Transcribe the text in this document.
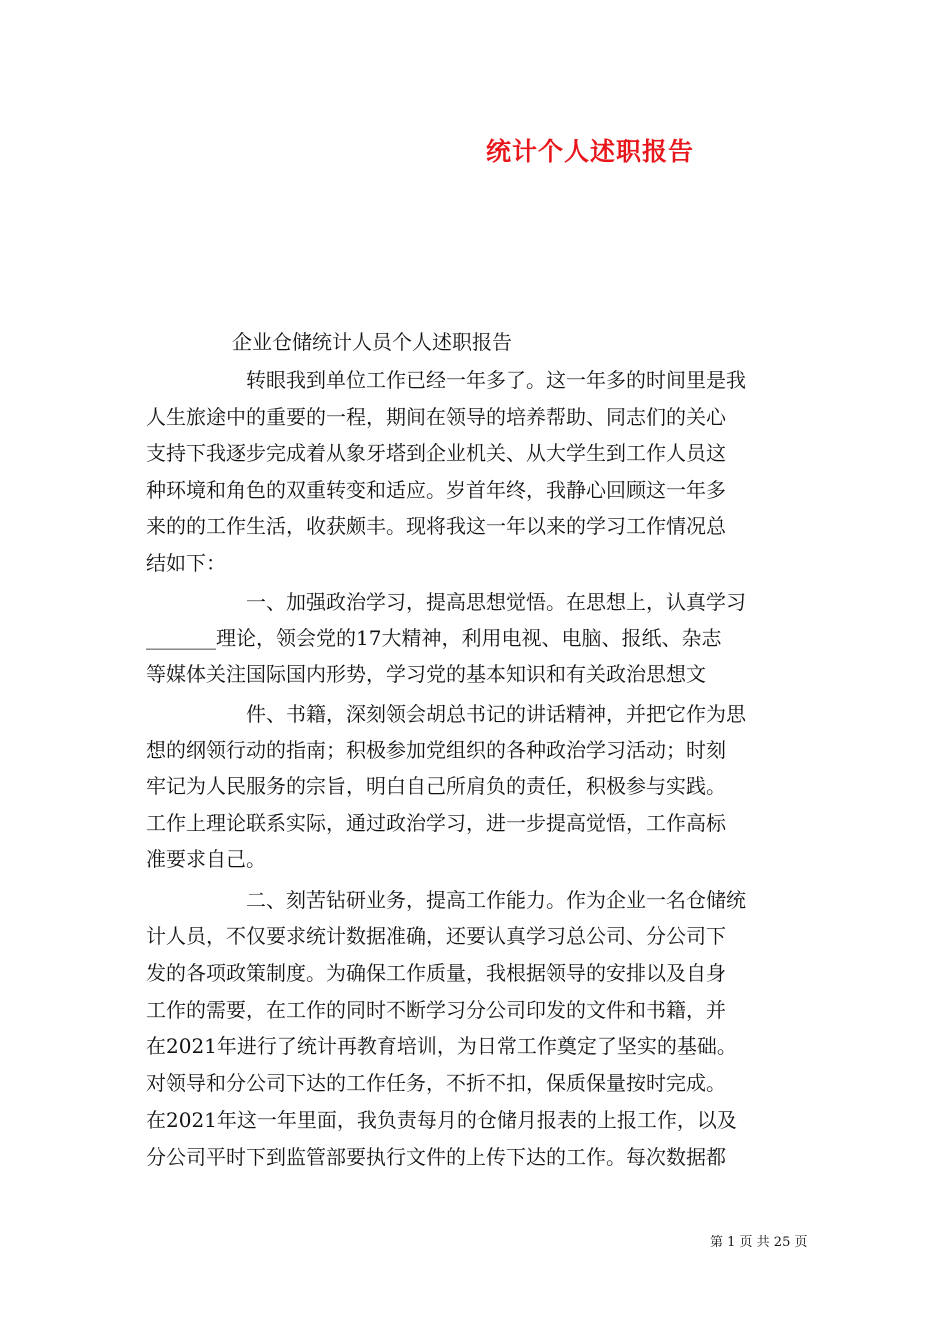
统计个人述职报告
企业仓储统计人员个人述职报告
转眼我到单位工作已经一年多了。这一年多的时间里是我
人生旅途中的重要的一程，期间在领导的培养帮助、同志们的关心
支持下我逐步完成着从象牙塔到企业机关、从大学生到工作人员这
种环境和角色的双重转变和适应。岁首年终，我静心回顾这一年多
来的的工作生活，收获颇丰。现将我这一年以来的学习工作情况总
结如下：
一、加强政治学习，提高思想觉悟。在思想上，认真学习
_______理论，领会党的17大精神，利用电视、电脑、报纸、杂志
等媒体关注国际国内形势，学习党的基本知识和有关政治思想文
件、书籍，深刻领会胡总书记的讲话精神，并把它作为思
想的纲领行动的指南；积极参加党组织的各种政治学习活动；时刻
牢记为人民服务的宗旨，明白自己所肩负的责任，积极参与实践。
工作上理论联系实际，通过政治学习，进一步提高觉悟，工作高标
准要求自己。
二、刻苦钻研业务，提高工作能力。作为企业一名仓储统
计人员，不仅要求统计数据准确，还要认真学习总公司、分公司下
发的各项政策制度。为确保工作质量，我根据领导的安排以及自身
工作的需要，在工作的同时不断学习分公司印发的文件和书籍，并
在2021年进行了统计再教育培训，为日常工作奠定了坚实的基础。
对领导和分公司下达的工作任务，不折不扣，保质保量按时完成。
在2021年这一年里面，我负责每月的仓储月报表的上报工作，以及
分公司平时下到监管部要执行文件的上传下达的工作。每次数据都
第 1 页 共 25 页
